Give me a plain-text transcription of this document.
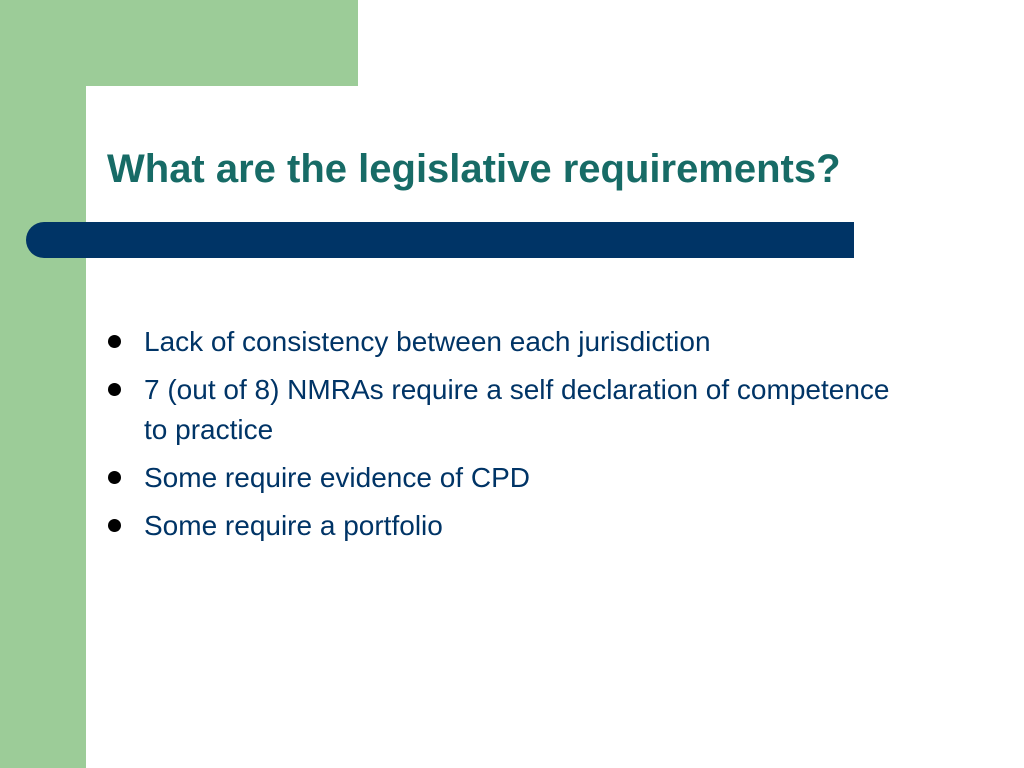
What are the legislative requirements?
Lack of consistency between each jurisdiction
7 (out of 8) NMRAs require a self declaration of competence to practice
Some require evidence of CPD
Some require a portfolio
